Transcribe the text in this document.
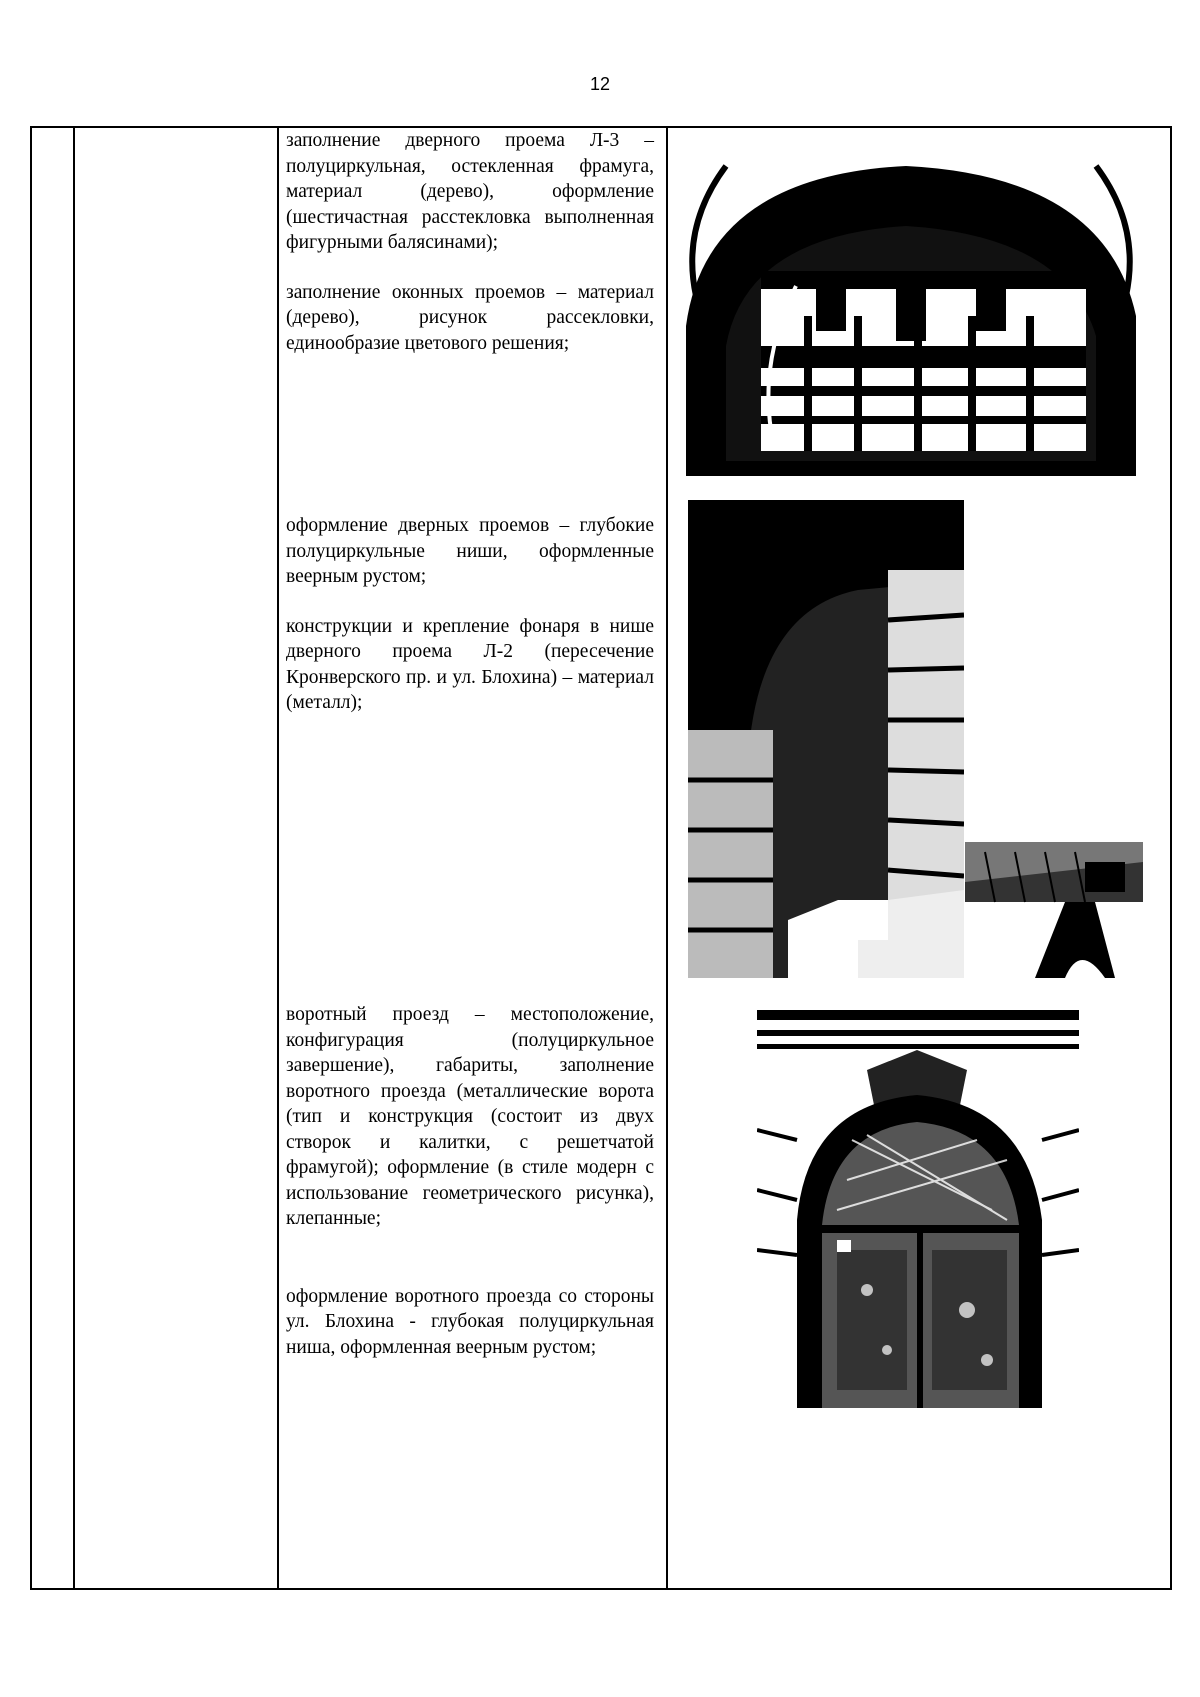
12

заполнение дверного проема Л-3 – полуциркульная, остекленная фрамуга, материал (дерево), оформление (шестичастная расстекловка выполненная фигурными балясинами);

заполнение оконных проемов – материал (дерево), рисунок рассекловки, единообразие цветового решения;

оформление дверных проемов – глубокие полуциркульные ниши, оформленные веерным рустом;

конструкции и крепление фонаря в нише дверного проема Л-2 (пересечение Кронверского пр. и ул. Блохина) – материал (металл);

воротный проезд – местоположение, конфигурация (полуциркульное завершение), габариты, заполнение воротного проезда (металлические ворота (тип и конструкция (состоит из двух створок и калитки, с решетчатой фрамугой); оформление (в стиле модерн с использование геометрического рисунка), клепанные;

оформление воротного проезда со стороны ул. Блохина - глубокая полуциркульная ниша, оформленная веерным рустом;
